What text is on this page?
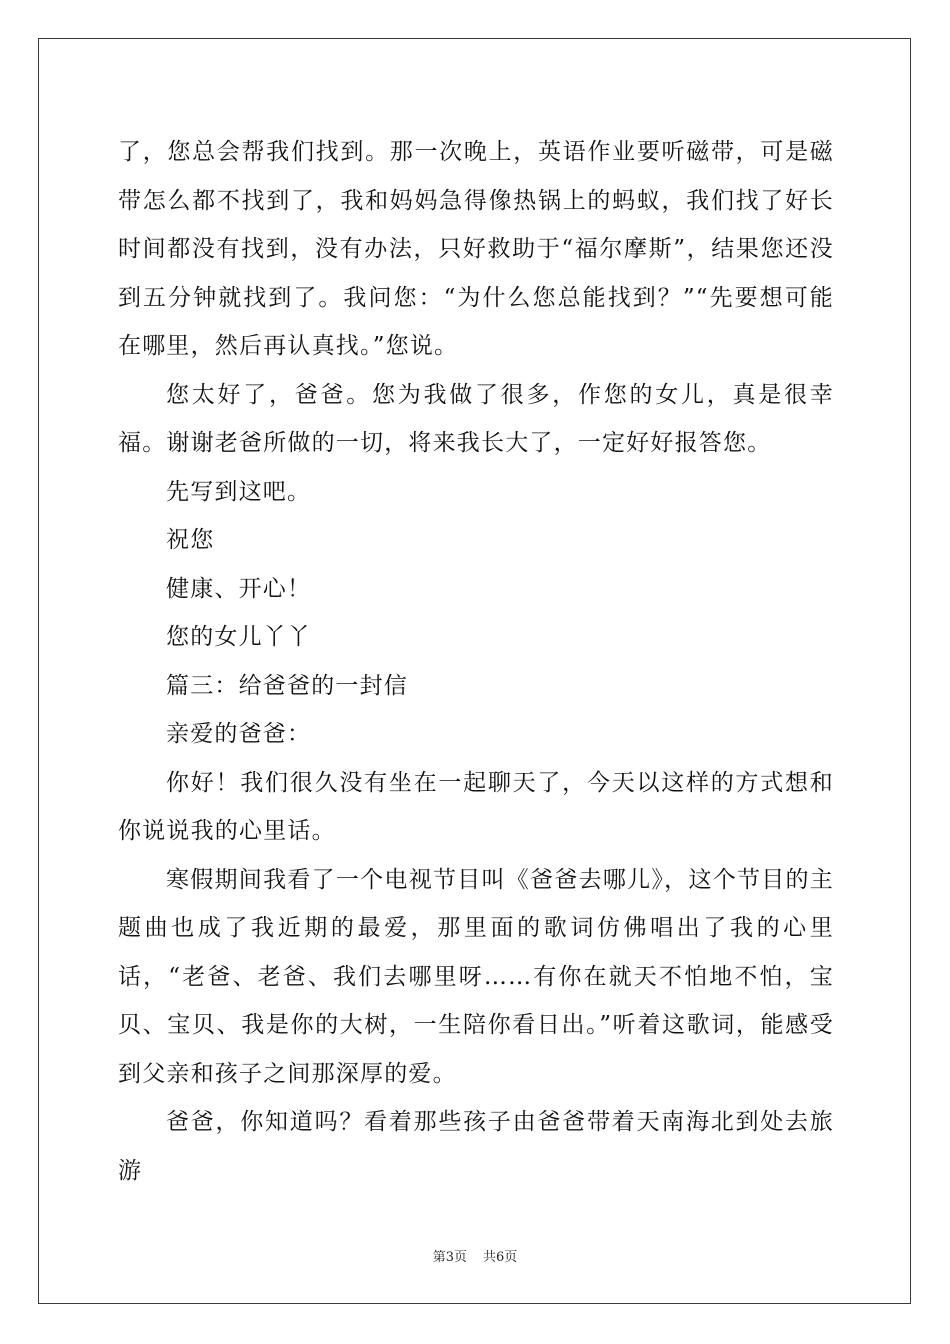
了，您总会帮我们找到。那一次晚上，英语作业要听磁带，可是磁带怎么都不找到了，我和妈妈急得像热锅上的蚂蚁，我们找了好长时间都没有找到，没有办法，只好救助于“福尔摩斯”，结果您还没到五分钟就找到了。我问您：“为什么您总能找到？”“先要想可能在哪里，然后再认真找。”您说。

您太好了，爸爸。您为我做了很多，作您的女儿，真是很幸福。谢谢老爸所做的一切，将来我长大了，一定好好报答您。

先写到这吧。

祝您

健康、开心！

您的女儿丫丫

篇三：给爸爸的一封信

亲爱的爸爸：

你好！我们很久没有坐在一起聊天了，今天以这样的方式想和你说说我的心里话。

寒假期间我看了一个电视节目叫《爸爸去哪儿》，这个节目的主题曲也成了我近期的最爱，那里面的歌词仿佛唱出了我的心里话，“老爸、老爸、我们去哪里呀……有你在就天不怕地不怕，宝贝、宝贝、我是你的大树，一生陪你看日出。”听着这歌词，能感受到父亲和孩子之间那深厚的爱。

爸爸，你知道吗？看着那些孩子由爸爸带着天南海北到处去旅游

第3页 共6页
